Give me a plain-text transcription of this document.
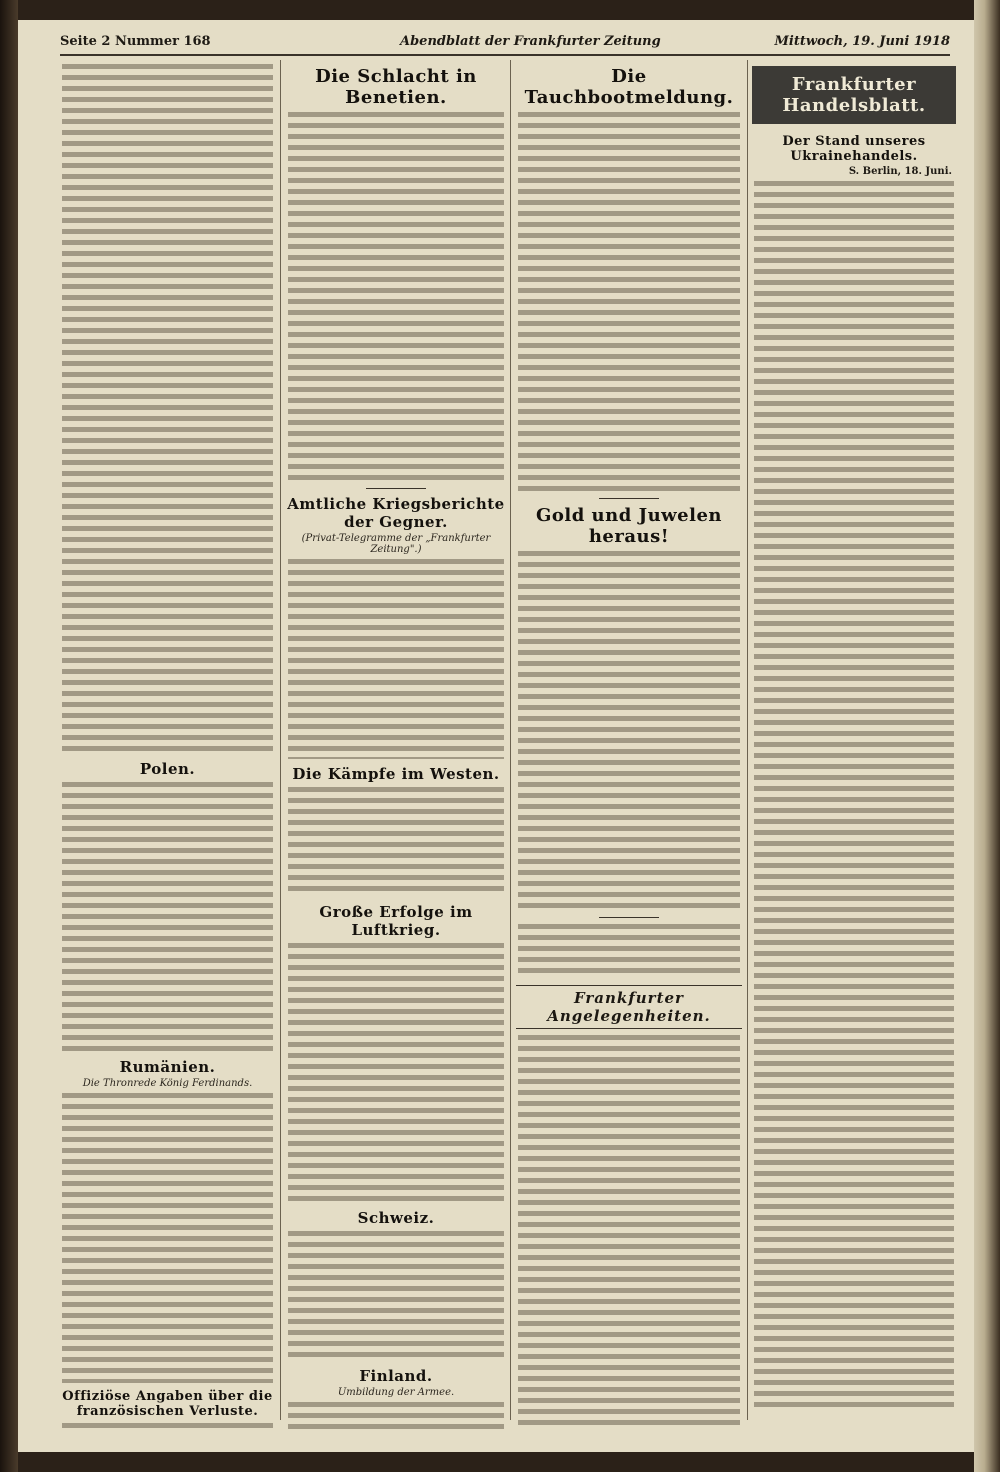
Seite 2 Nummer 168	Abendblatt der Frankfurter Zeitung	Mittwoch, 19. Juni 1918
Polen.
Rumänien.
Die Thronrede König Ferdinands.
Offiziöse Angaben über die französischen Verluste.
Die Schlacht in Benetien.
Amtliche Kriegsberichte der Gegner.
(Privat-Telegramme der „Frankfurter Zeitung".)
Die Kämpfe im Westen.
Große Erfolge im Luftkrieg.
Schweiz.
Finland.
Umbildung der Armee.
Die Tauchbootmeldung.
Gold und Juwelen heraus!
Frankfurter Angelegenheiten.
Frankfurter Handelsblatt.
Der Stand unseres Ukrainehandels.
S. Berlin, 18. Juni.
